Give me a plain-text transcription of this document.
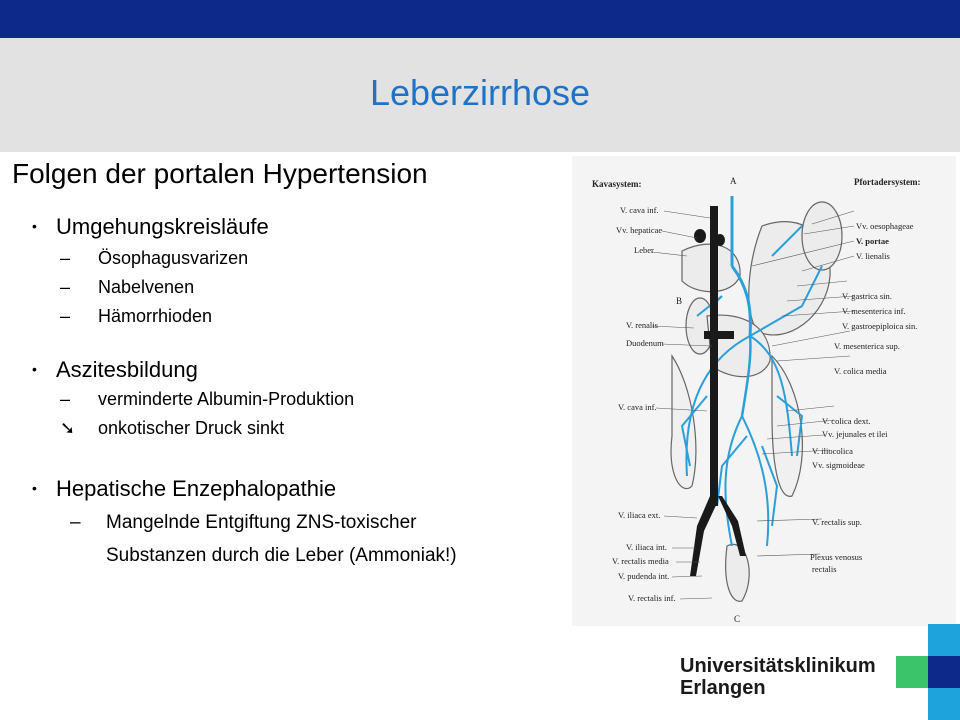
Leberzirrhose
Folgen der portalen Hypertension
• Umgehungskreisläufe
– Ösophagusvarizen
– Nabelvenen
– Hämorrhioden
• Aszitesbildung
– verminderte Albumin-Produktion
➘ onkotischer Druck sinkt
• Hepatische Enzephalopathie
– Mangelnde Entgiftung ZNS-toxischer
Substanzen durch die Leber (Ammoniak!)
Kavasystem:	Pfortadersystem:
A
B
C
V. cava inf.
Vv. hepaticae
Leber
V. renalis
Duodenum
V. cava inf.
V. iliaca ext.
V. iliaca int.
V. rectalis media
V. pudenda int.
V. rectalis inf.
Vv. oesophageae
V. portae
V. lienalis
V. gastrica sin.
V. mesenterica inf.
V. gastroepiploica sin.
V. mesenterica sup.
V. colica media
V. colica dext.
Vv. jejunales et ilei
V. iliocolica
Vv. sigmoideae
V. rectalis sup.
Plexus venosus
rectalis
Universitätsklinikum
Erlangen
